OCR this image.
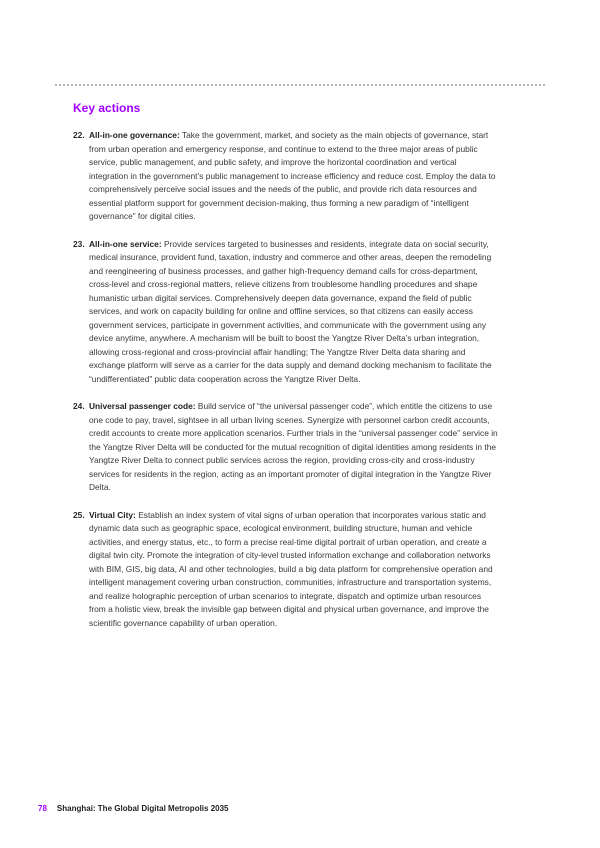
Key actions
22. All-in-one governance: Take the government, market, and society as the main objects of governance, start from urban operation and emergency response, and continue to extend to the three major areas of public service, public management, and public safety, and improve the horizontal coordination and vertical integration in the government’s public management to increase efficiency and reduce cost. Employ the data to comprehensively perceive social issues and the needs of the public, and provide rich data resources and essential platform support for government decision-making, thus forming a new paradigm of “intelligent governance” for digital cities.
23. All-in-one service: Provide services targeted to businesses and residents, integrate data on social security, medical insurance, provident fund, taxation, industry and commerce and other areas, deepen the remodeling and reengineering of business processes, and gather high-frequency demand calls for cross-department, cross-level and cross-regional matters, relieve citizens from troublesome handling procedures and shape humanistic urban digital services. Comprehensively deepen data governance, expand the field of public services, and work on capacity building for online and offline services, so that citizens can easily access government services, participate in government activities, and communicate with the government using any device anytime, anywhere. A mechanism will be built to boost the Yangtze River Delta’s urban integration, allowing cross-regional and cross-provincial affair handling; The Yangtze River Delta data sharing and exchange platform will serve as a carrier for the data supply and demand docking mechanism to facilitate the “undifferentiated” public data cooperation across the Yangtze River Delta.
24. Universal passenger code: Build service of “the universal passenger code”, which entitle the citizens to use one code to pay, travel, sightsee in all urban living scenes. Synergize with personnel carbon credit accounts, credit accounts to create more application scenarios. Further trials in the “universal passenger code” service in the Yangtze River Delta will be conducted for the mutual recognition of digital identities among residents in the Yangtze River Delta to connect public services across the region, providing cross-city and cross-industry services for residents in the region, acting as an important promoter of digital integration in the Yangtze River Delta.
25. Virtual City: Establish an index system of vital signs of urban operation that incorporates various static and dynamic data such as geographic space, ecological environment, building structure, human and vehicle activities, and energy status, etc., to form a precise real-time digital portrait of urban operation, and create a digital twin city. Promote the integration of city-level trusted information exchange and collaboration networks with BIM, GIS, big data, AI and other technologies, build a big data platform for comprehensive operation and intelligent management covering urban construction, communities, infrastructure and transportation systems, and realize holographic perception of urban scenarios to integrate, dispatch and optimize urban resources from a holistic view, break the invisible gap between digital and physical urban governance, and improve the scientific governance capability of urban operation.
78 Shanghai: The Global Digital Metropolis 2035
